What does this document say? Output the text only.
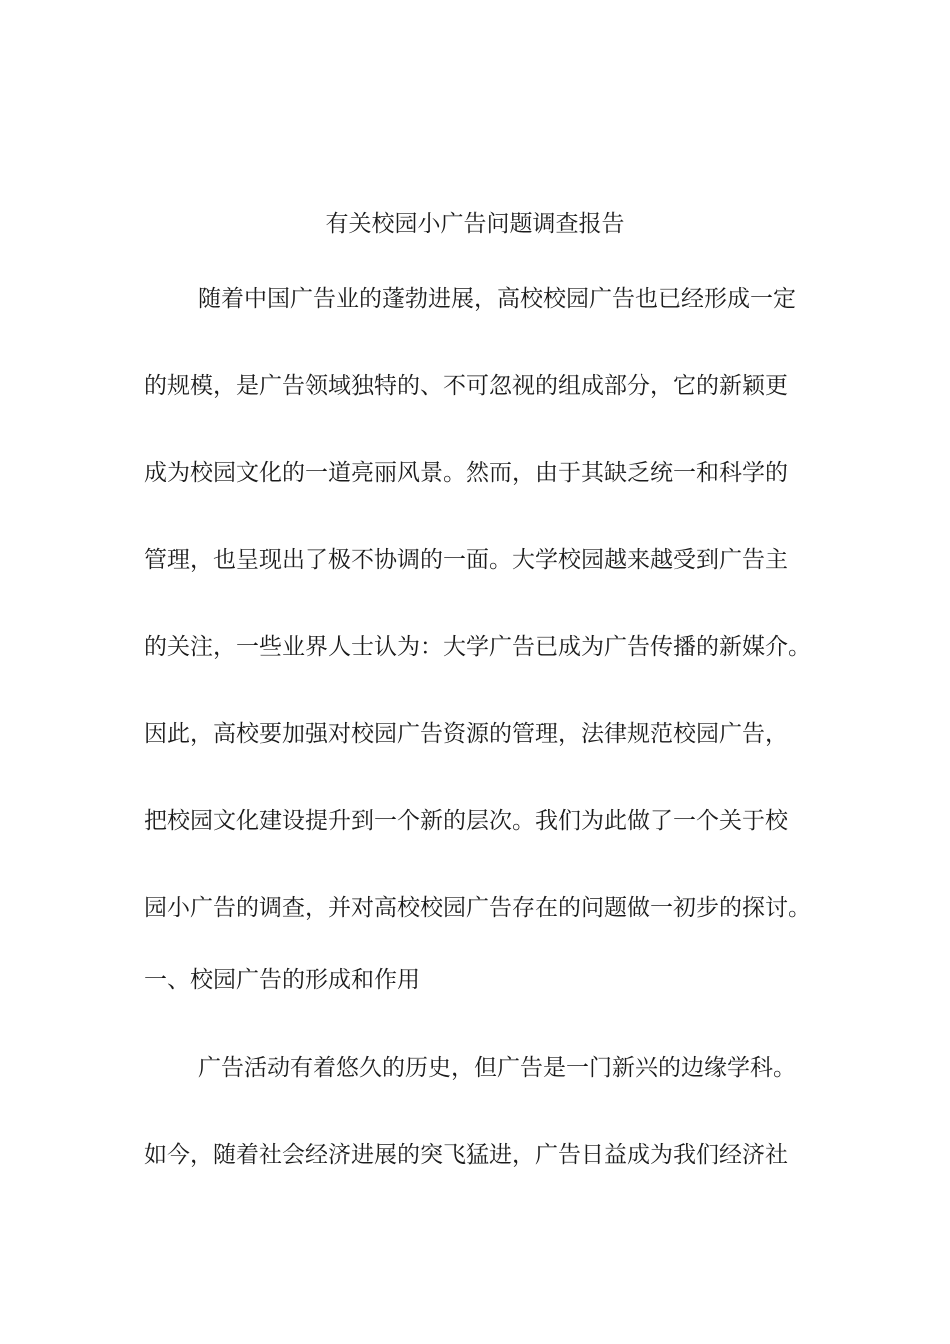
有关校园小广告问题调查报告
随着中国广告业的蓬勃进展，高校校园广告也已经形成一定
的规模，是广告领域独特的、不可忽视的组成部分，它的新颖更
成为校园文化的一道亮丽风景。然而，由于其缺乏统一和科学的
管理，也呈现出了极不协调的一面。大学校园越来越受到广告主
的关注，一些业界人士认为：大学广告已成为广告传播的新媒介。
因此，高校要加强对校园广告资源的管理，法律规范校园广告，
把校园文化建设提升到一个新的层次。我们为此做了一个关于校
园小广告的调查，并对高校校园广告存在的问题做一初步的探讨。
一、校园广告的形成和作用
广告活动有着悠久的历史，但广告是一门新兴的边缘学科。
如今，随着社会经济进展的突飞猛进，广告日益成为我们经济社
